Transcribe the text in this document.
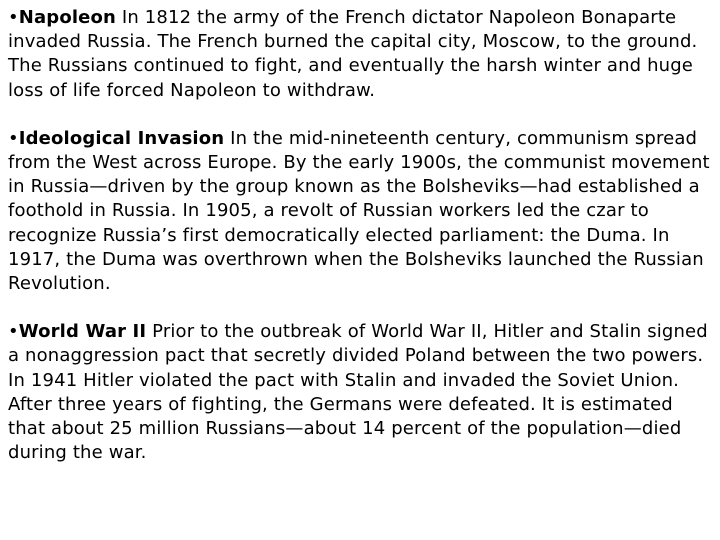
•Napoleon In 1812 the army of the French dictator Napoleon Bonaparte invaded Russia. The French burned the capital city, Moscow, to the ground. The Russians continued to fight, and eventually the harsh winter and huge loss of life forced Napoleon to withdraw.

•Ideological Invasion In the mid-nineteenth century, communism spread from the West across Europe. By the early 1900s, the communist movement in Russia—driven by the group known as the Bolsheviks—had established a foothold in Russia. In 1905, a revolt of Russian workers led the czar to recognize Russia’s first democratically elected parliament: the Duma. In 1917, the Duma was overthrown when the Bolsheviks launched the Russian Revolution.

•World War II Prior to the outbreak of World War II, Hitler and Stalin signed a nonaggression pact that secretly divided Poland between the two powers. In 1941 Hitler violated the pact with Stalin and invaded the Soviet Union. After three years of fighting, the Germans were defeated. It is estimated that about 25 million Russians—about 14 percent of the population—died during the war.
